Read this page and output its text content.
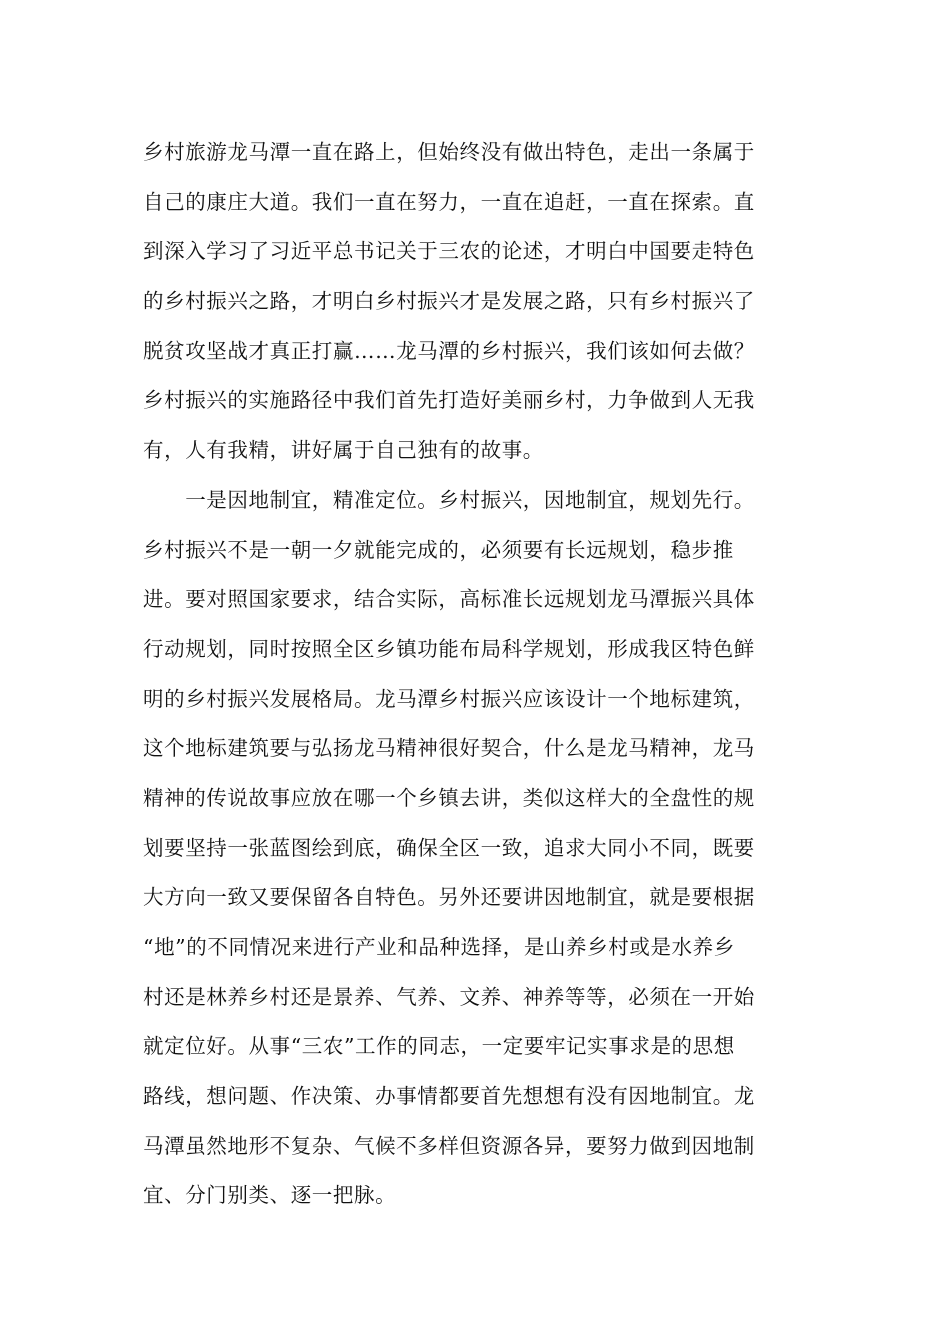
乡村旅游龙马潭一直在路上，但始终没有做出特色，走出一条属于
自己的康庄大道。我们一直在努力，一直在追赶，一直在探索。直
到深入学习了习近平总书记关于三农的论述，才明白中国要走特色
的乡村振兴之路，才明白乡村振兴才是发展之路，只有乡村振兴了
脱贫攻坚战才真正打赢……龙马潭的乡村振兴，我们该如何去做？
乡村振兴的实施路径中我们首先打造好美丽乡村，力争做到人无我
有，人有我精，讲好属于自己独有的故事。
　　一是因地制宜，精准定位。乡村振兴，因地制宜，规划先行。
乡村振兴不是一朝一夕就能完成的，必须要有长远规划，稳步推
进。要对照国家要求，结合实际，高标准长远规划龙马潭振兴具体
行动规划，同时按照全区乡镇功能布局科学规划，形成我区特色鲜
明的乡村振兴发展格局。龙马潭乡村振兴应该设计一个地标建筑，
这个地标建筑要与弘扬龙马精神很好契合，什么是龙马精神，龙马
精神的传说故事应放在哪一个乡镇去讲，类似这样大的全盘性的规
划要坚持一张蓝图绘到底，确保全区一致，追求大同小不同，既要
大方向一致又要保留各自特色。另外还要讲因地制宜，就是要根据
“地”的不同情况来进行产业和品种选择，是山养乡村或是水养乡
村还是林养乡村还是景养、气养、文养、神养等等，必须在一开始
就定位好。从事“三农”工作的同志，一定要牢记实事求是的思想
路线，想问题、作决策、办事情都要首先想想有没有因地制宜。龙
马潭虽然地形不复杂、气候不多样但资源各异，要努力做到因地制
宜、分门别类、逐一把脉。
